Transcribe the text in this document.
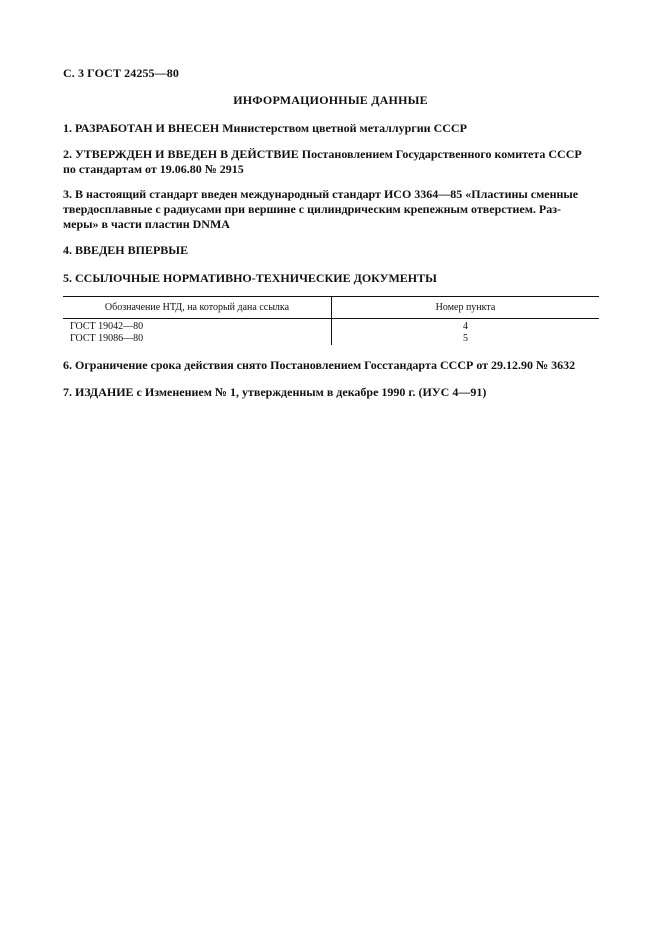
С. 3 ГОСТ 24255—80
ИНФОРМАЦИОННЫЕ ДАННЫЕ
1. РАЗРАБОТАН И ВНЕСЕН Министерством цветной металлургии СССР
2. УТВЕРЖДЕН И ВВЕДЕН В ДЕЙСТВИЕ Постановлением Государственного комитета СССР
по стандартам от 19.06.80 № 2915
3. В настоящий стандарт введен международный стандарт ИСО 3364—85 «Пластины сменные
твердосплавные с радиусами при вершине с цилиндрическим крепежным отверстием. Раз-
меры» в части пластин DNMA
4. ВВЕДЕН ВПЕРВЫЕ
5. ССЫЛОЧНЫЕ НОРМАТИВНО-ТЕХНИЧЕСКИЕ ДОКУМЕНТЫ
Обозначение НТД, на который дана ссылка	Номер пункта
ГОСТ 19042—80	4
ГОСТ 19086—80	5
6. Ограничение срока действия снято Постановлением Госстандарта СССР от 29.12.90 № 3632
7. ИЗДАНИЕ с Изменением № 1, утвержденным в декабре 1990 г. (ИУС 4—91)
